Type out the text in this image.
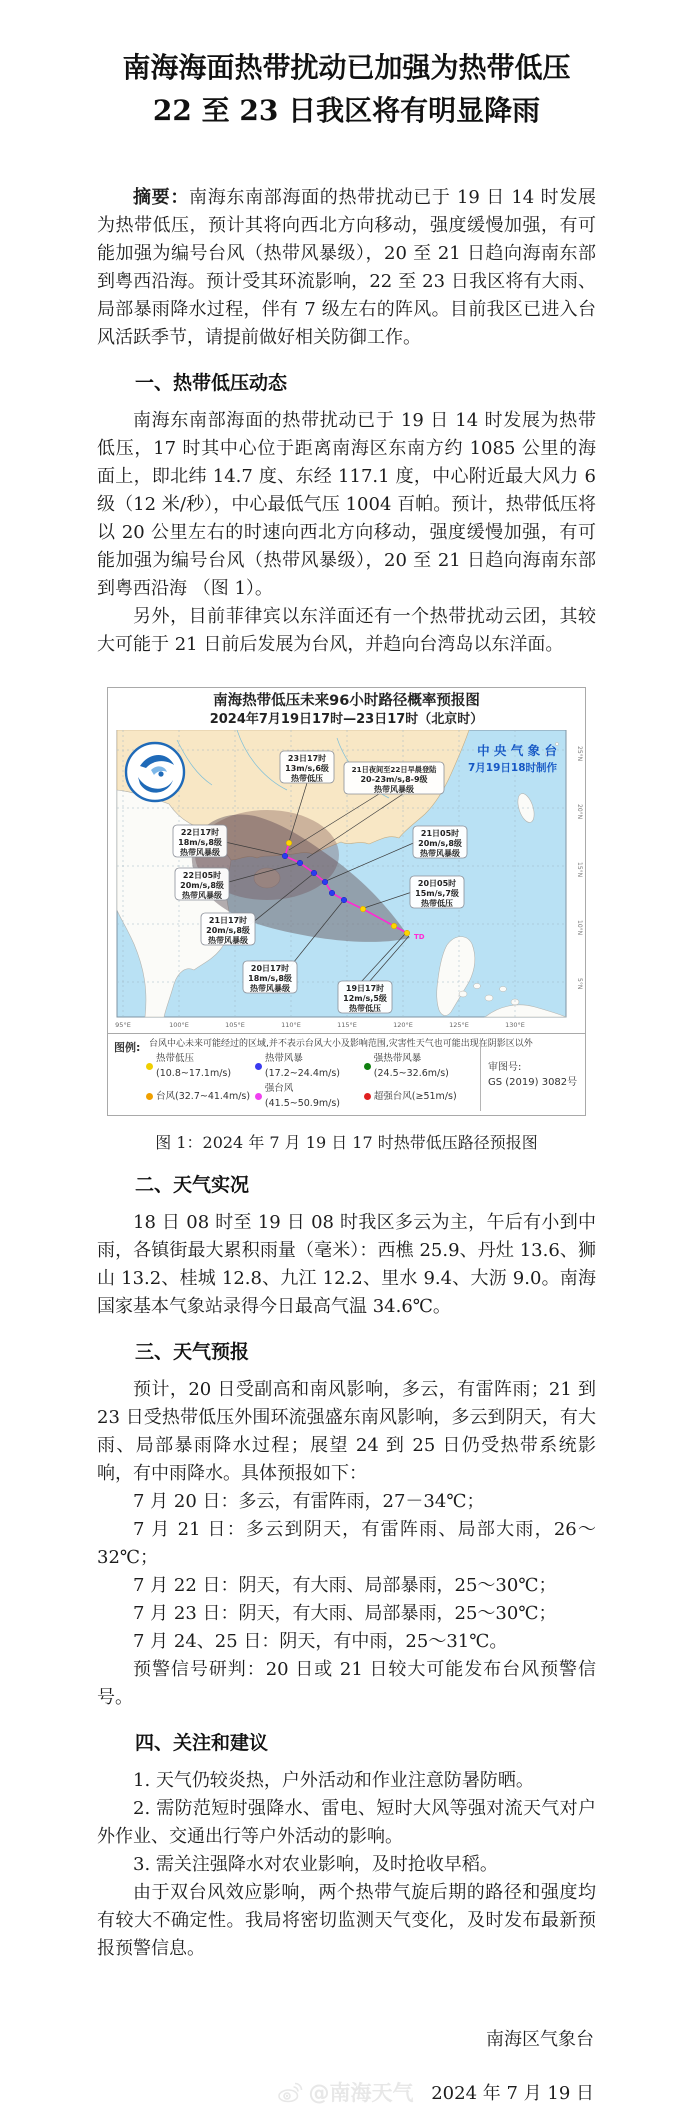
南海海面热带扰动已加强为热带低压
22 至 23 日我区将有明显降雨

摘要：南海东南部海面的热带扰动已于 19 日 14 时发展为热带低压，预计其将向西北方向移动，强度缓慢加强，有可能加强为编号台风（热带风暴级），20 至 21 日趋向海南东部到粤西沿海。预计受其环流影响，22 至 23 日我区将有大雨、局部暴雨降水过程，伴有 7 级左右的阵风。目前我区已进入台风活跃季节，请提前做好相关防御工作。

一、热带低压动态

南海东南部海面的热带扰动已于 19 日 14 时发展为热带低压，17 时其中心位于距离南海区东南方约 1085 公里的海面上，即北纬 14.7 度、东经 117.1 度，中心附近最大风力 6 级（12 米/秒），中心最低气压 1004 百帕。预计，热带低压将以 20 公里左右的时速向西北方向移动，强度缓慢加强，有可能加强为编号台风（热带风暴级），20 至 21 日趋向海南东部到粤西沿海 （图 1）。

另外，目前菲律宾以东洋面还有一个热带扰动云团，其较大可能于 21 日前后发展为台风，并趋向台湾岛以东洋面。

南海热带低压未来96小时路径概率预报图
2024年7月19日17时—23日17时（北京时）
TD
中 央 气 象 台
7月19日18时制作
23日17时
13m/s,6级
热带低压
21日夜间至22日早晨登陆
20-23m/s,8-9级
热带风暴级
22日17时
18m/s,8级
热带风暴级
21日05时
20m/s,8级
热带风暴级
22日05时
20m/s,8级
热带风暴级
20日05时
15m/s,7级
热带低压
21日17时
20m/s,8级
热带风暴级
20日17时
18m/s,8级
热带风暴级	19日17时
12m/s,5级
热带低压
95°E	100°E	105°E	110°E	115°E	120°E	125°E	130°E
25°N
20°N
15°N
10°N
5°N
图例: 台风中心未来可能经过的区域,并不表示台风大小及影响范围,灾害性天气也可能出现在阴影区以外
热带低压(10.8~17.1m/s)
热带风暴(17.2~24.4m/s)
强热带风暴(24.5~32.6m/s)
台风(32.7~41.4m/s)
强台风(41.5~50.9m/s)
超强台风(≥51m/s)
审图号:
GS (2019) 3082号
图 1：2024 年 7 月 19 日 17 时热带低压路径预报图
二、天气实况

18 日 08 时至 19 日 08 时我区多云为主，午后有小到中雨，各镇街最大累积雨量（毫米）：西樵 25.9、丹灶 13.6、狮山 13.2、桂城 12.8、九江 12.2、里水 9.4、大沥 9.0。南海国家基本气象站录得今日最高气温 34.6℃。

三、天气预报

预计，20 日受副高和南风影响，多云，有雷阵雨；21 到 23 日受热带低压外围环流强盛东南风影响，多云到阴天，有大雨、局部暴雨降水过程；展望 24 到 25 日仍受热带系统影响，有中雨降水。具体预报如下：

7 月 20 日：多云，有雷阵雨，27－34℃；

7 月 21 日：多云到阴天，有雷阵雨、局部大雨，26～32℃；

7 月 22 日：阴天，有大雨、局部暴雨，25～30℃；

7 月 23 日：阴天，有大雨、局部暴雨，25～30℃；

7 月 24、25 日：阴天，有中雨，25～31℃。

预警信号研判：20 日或 21 日较大可能发布台风预警信号。

四、关注和建议

1. 天气仍较炎热，户外活动和作业注意防暑防晒。

2. 需防范短时强降水、雷电、短时大风等强对流天气对户外作业、交通出行等户外活动的影响。

3. 需关注强降水对农业影响，及时抢收早稻。

由于双台风效应影响，两个热带气旋后期的路径和强度均有较大不确定性。我局将密切监测天气变化，及时发布最新预报预警信息。

南海区气象台
2024 年 7 月 19 日
@南海天气
